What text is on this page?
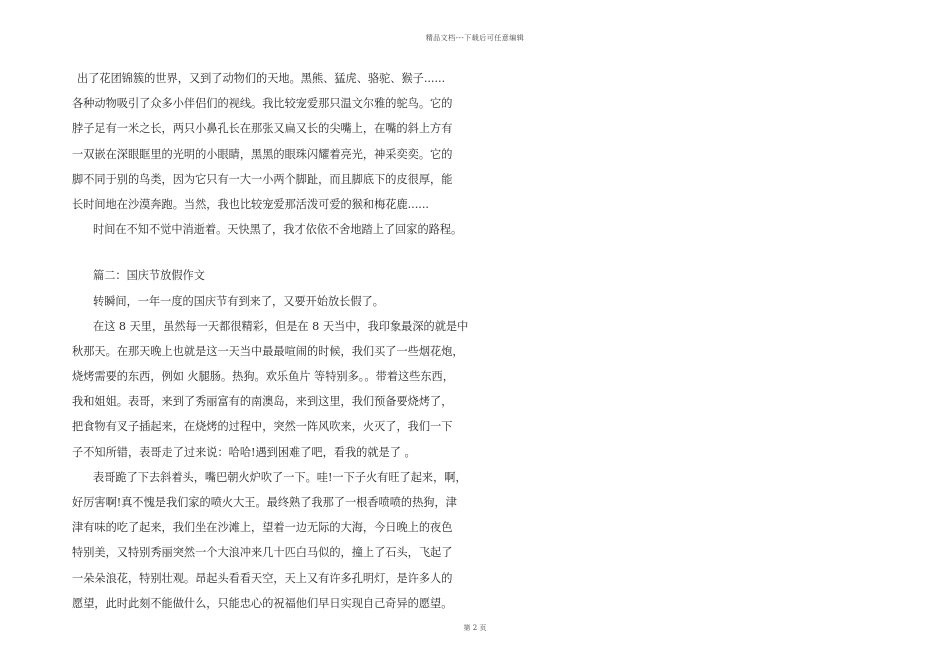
精品文档---下载后可任意编辑
出了花团锦簇的世界，又到了动物们的天地。黑熊、猛虎、骆驼、猴子......
各种动物吸引了众多小伴侣们的视线。我比较宠爱那只温文尔雅的鸵鸟。它的
脖子足有一米之长，两只小鼻孔长在那张又扁又长的尖嘴上，在嘴的斜上方有
一双嵌在深眼眶里的光明的小眼睛，黑黑的眼珠闪耀着亮光，神采奕奕。它的
脚不同于别的鸟类，因为它只有一大一小两个脚趾，而且脚底下的皮很厚，能
长时间地在沙漠奔跑。当然，我也比较宠爱那活泼可爱的猴和梅花鹿......
时间在不知不觉中消逝着。天快黑了，我才依依不舍地踏上了回家的路程。
篇二：国庆节放假作文
转瞬间，一年一度的国庆节有到来了，又要开始放长假了。
在这 8 天里，虽然每一天都很精彩，但是在 8 天当中，我印象最深的就是中
秋那天。在那天晚上也就是这一天当中最最喧闹的时候，我们买了一些烟花炮，
烧烤需要的东西，例如 火腿肠。热狗。欢乐鱼片 等特别多。。带着这些东西，
我和姐姐。表哥，来到了秀丽富有的南澳岛，来到这里，我们预备要烧烤了，
把食物有叉子插起来，在烧烤的过程中，突然一阵风吹来，火灭了，我们一下
子不知所错，表哥走了过来说：哈哈!遇到困难了吧，看我的就是了 。
表哥跪了下去斜着头，嘴巴朝火炉吹了一下。哇!一下子火有旺了起来，啊，
好厉害啊!真不愧是我们家的喷火大王。最终熟了我那了一根香喷喷的热狗，津
津有味的吃了起来，我们坐在沙滩上，望着一边无际的大海，今日晚上的夜色
特别美，又特别秀丽突然一个大浪冲来几十匹白马似的，撞上了石头，飞起了
一朵朵浪花，特别壮观。昂起头看看天空，天上又有许多孔明灯，是许多人的
愿望，此时此刻不能做什么，只能忠心的祝福他们早日实现自己奇异的愿望。
第 2 页
